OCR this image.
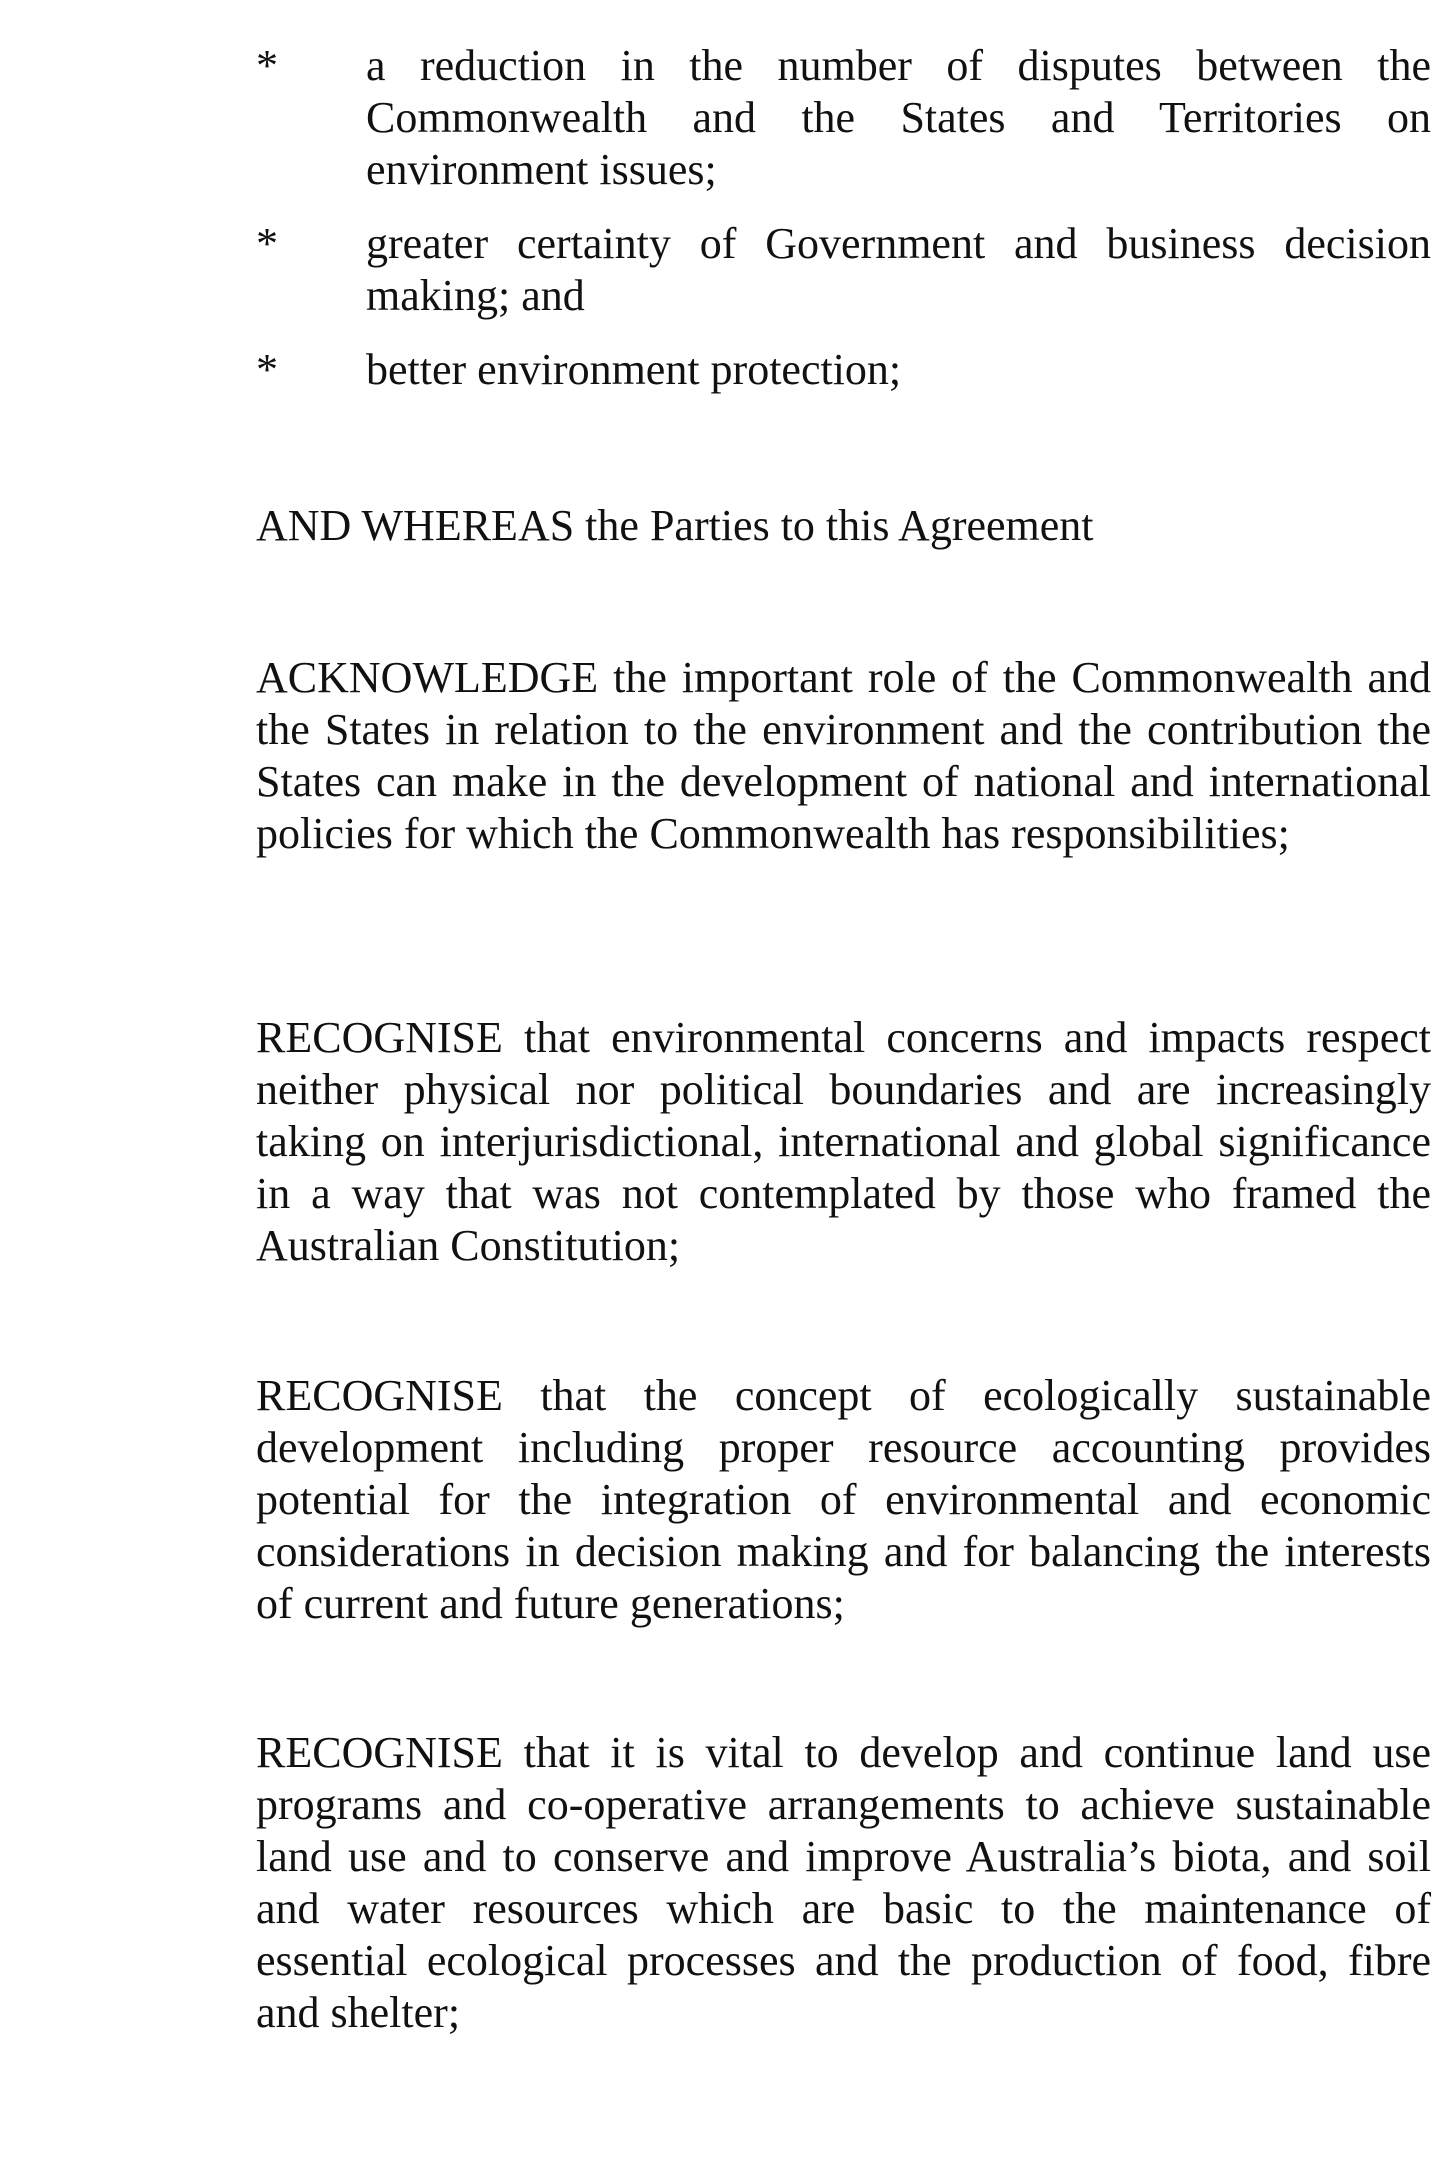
*	a reduction in the number of disputes between the Commonwealth and the States and Territories on environment issues;
*	greater certainty of Government and business decision making; and
*	better environment protection;

AND WHEREAS the Parties to this Agreement

ACKNOWLEDGE the important role of the Commonwealth and the States in relation to the environment and the contribution the States can make in the development of national and international policies for which the Commonwealth has responsibilities;

RECOGNISE that environmental concerns and impacts respect neither physical nor political boundaries and are increasingly taking on interjurisdictional, international and global significance in a way that was not contemplated by those who framed the Australian Constitution;

RECOGNISE that the concept of ecologically sustainable development including proper resource accounting provides potential for the integration of environmental and economic considerations in decision making and for balancing the interests of current and future generations;

RECOGNISE that it is vital to develop and continue land use programs and co-operative arrangements to achieve sustainable land use and to conserve and improve Australia’s biota, and soil and water resources which are basic to the maintenance of essential ecological processes and the production of food, fibre and shelter;
